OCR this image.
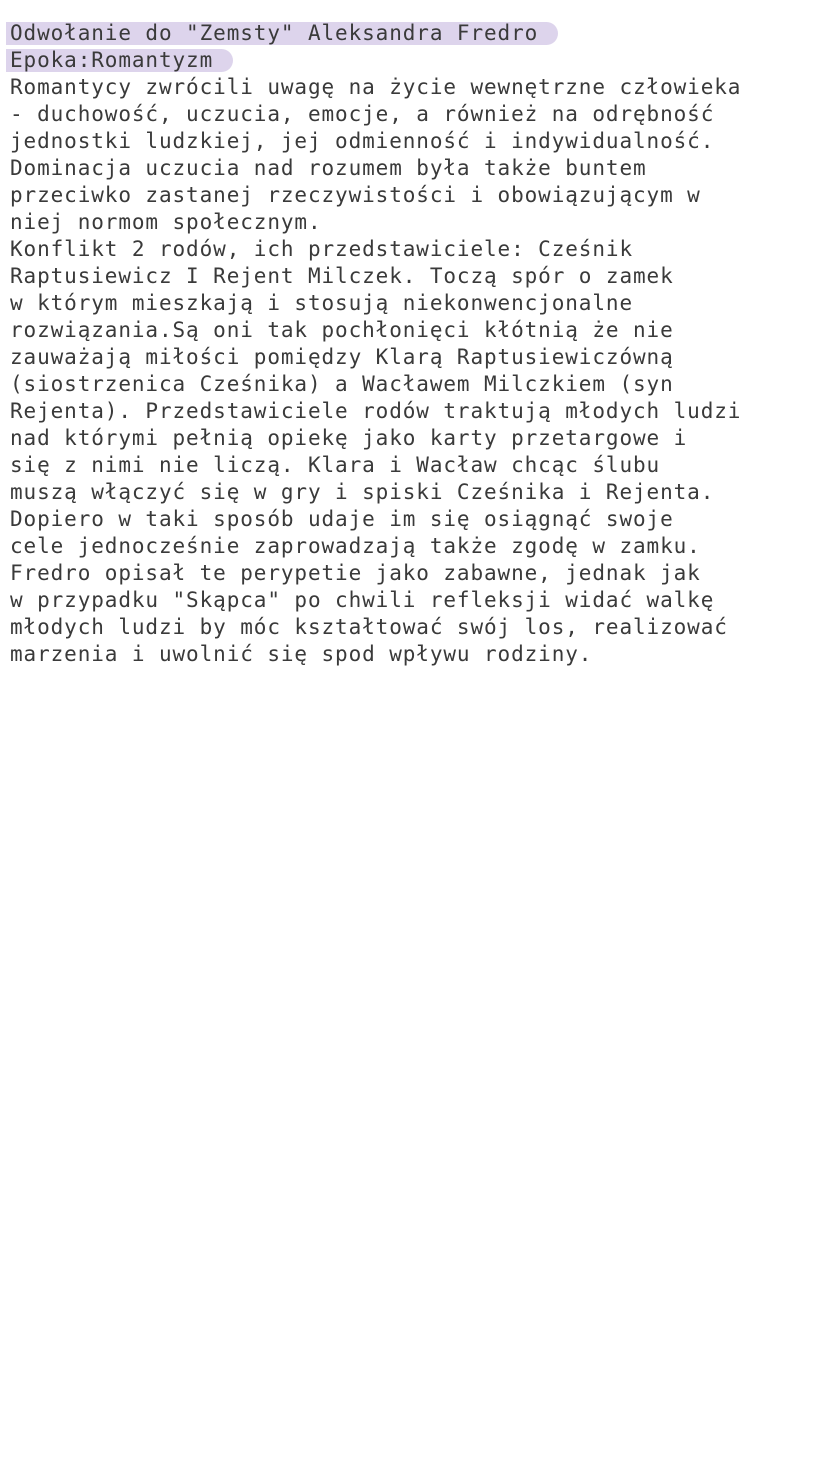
Odwołanie do "Zemsty" Aleksandra Fredro
Epoka:Romantyzm
Romantycy zwrócili uwagę na życie wewnętrzne człowieka
- duchowość, uczucia, emocje, a również na odrębność
jednostki ludzkiej, jej odmienność i indywidualność.
Dominacja uczucia nad rozumem była także buntem
przeciwko zastanej rzeczywistości i obowiązującym w
niej normom społecznym.
Konflikt 2 rodów, ich przedstawiciele: Cześnik
Raptusiewicz I Rejent Milczek. Toczą spór o zamek
w którym mieszkają i stosują niekonwencjonalne
rozwiązania.Są oni tak pochłonięci kłótnią że nie
zauważają miłości pomiędzy Klarą Raptusiewiczówną
(siostrzenica Cześnika) a Wacławem Milczkiem (syn
Rejenta). Przedstawiciele rodów traktują młodych ludzi
nad którymi pełnią opiekę jako karty przetargowe i
się z nimi nie liczą. Klara i Wacław chcąc ślubu
muszą włączyć się w gry i spiski Cześnika i Rejenta.
Dopiero w taki sposób udaje im się osiągnąć swoje
cele jednocześnie zaprowadzają także zgodę w zamku.
Fredro opisał te perypetie jako zabawne, jednak jak
w przypadku "Skąpca" po chwili refleksji widać walkę
młodych ludzi by móc kształtować swój los, realizować
marzenia i uwolnić się spod wpływu rodziny.
